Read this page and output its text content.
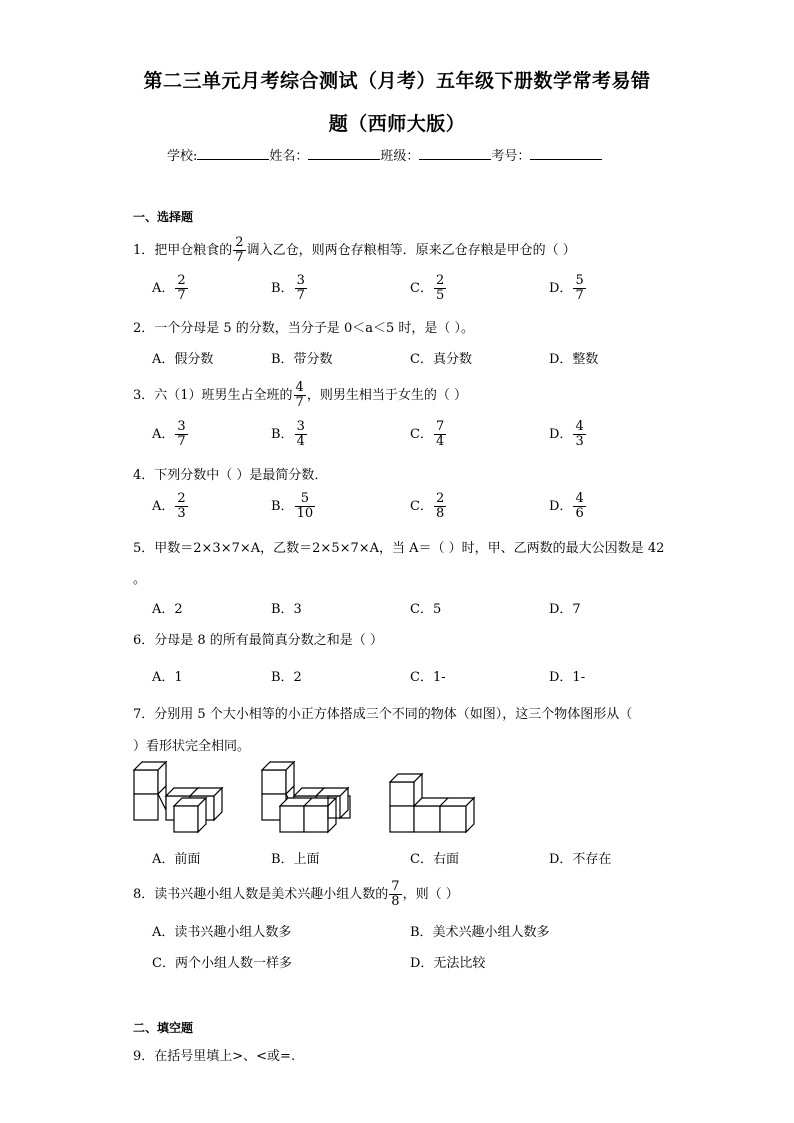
第二三单元月考综合测试（月考）五年级下册数学常考易错
题（西师大版）
学校:	姓名：	班级：	考号：
一、选择题
1．把甲仓粮食的 $\frac{2}{7}$ 调入乙仓，则两仓存粮相等．原来乙仓存粮是甲仓的（ ）
A． $\frac{2}{7}$	B． $\frac{3}{7}$	C． $\frac{2}{5}$	D． $\frac{5}{7}$
2．一个分母是 5 的分数，当分子是 0＜a＜5 时，是（ ）。
A．假分数	B．带分数	C．真分数	D．整数
3．六（1）班男生占全班的 $\frac{4}{7}$ ，则男生相当于女生的（ ）
A． $\frac{3}{7}$	B． $\frac{3}{4}$	C． $\frac{7}{4}$	D． $\frac{4}{3}$
4．下列分数中（ ）是最简分数．
A． $\frac{2}{3}$	B． $\frac{5}{10}$	C． $\frac{2}{8}$	D． $\frac{4}{6}$
5．甲数＝2×3×7×A，乙数＝2×5×7×A，当 A＝（ ）时，甲、乙两数的最大公因数是 42
。
A．2	B．3	C．5	D．7
6．分母是 8 的所有最简真分数之和是（ ）
A．1	B．2	C．1-	D．1-
7．分别用 5 个大小相等的小正方体搭成三个不同的物体（如图），这三个物体图形从（
）看形状完全相同。
A．前面	B．上面	C．右面	D．不存在
8．读书兴趣小组人数是美术兴趣小组人数的 $\frac{7}{8}$ ，则（ ）
A．读书兴趣小组人数多	B．美术兴趣小组人数多
C．两个小组人数一样多	D．无法比较
二、填空题
9．在括号里填上>、<或=.
